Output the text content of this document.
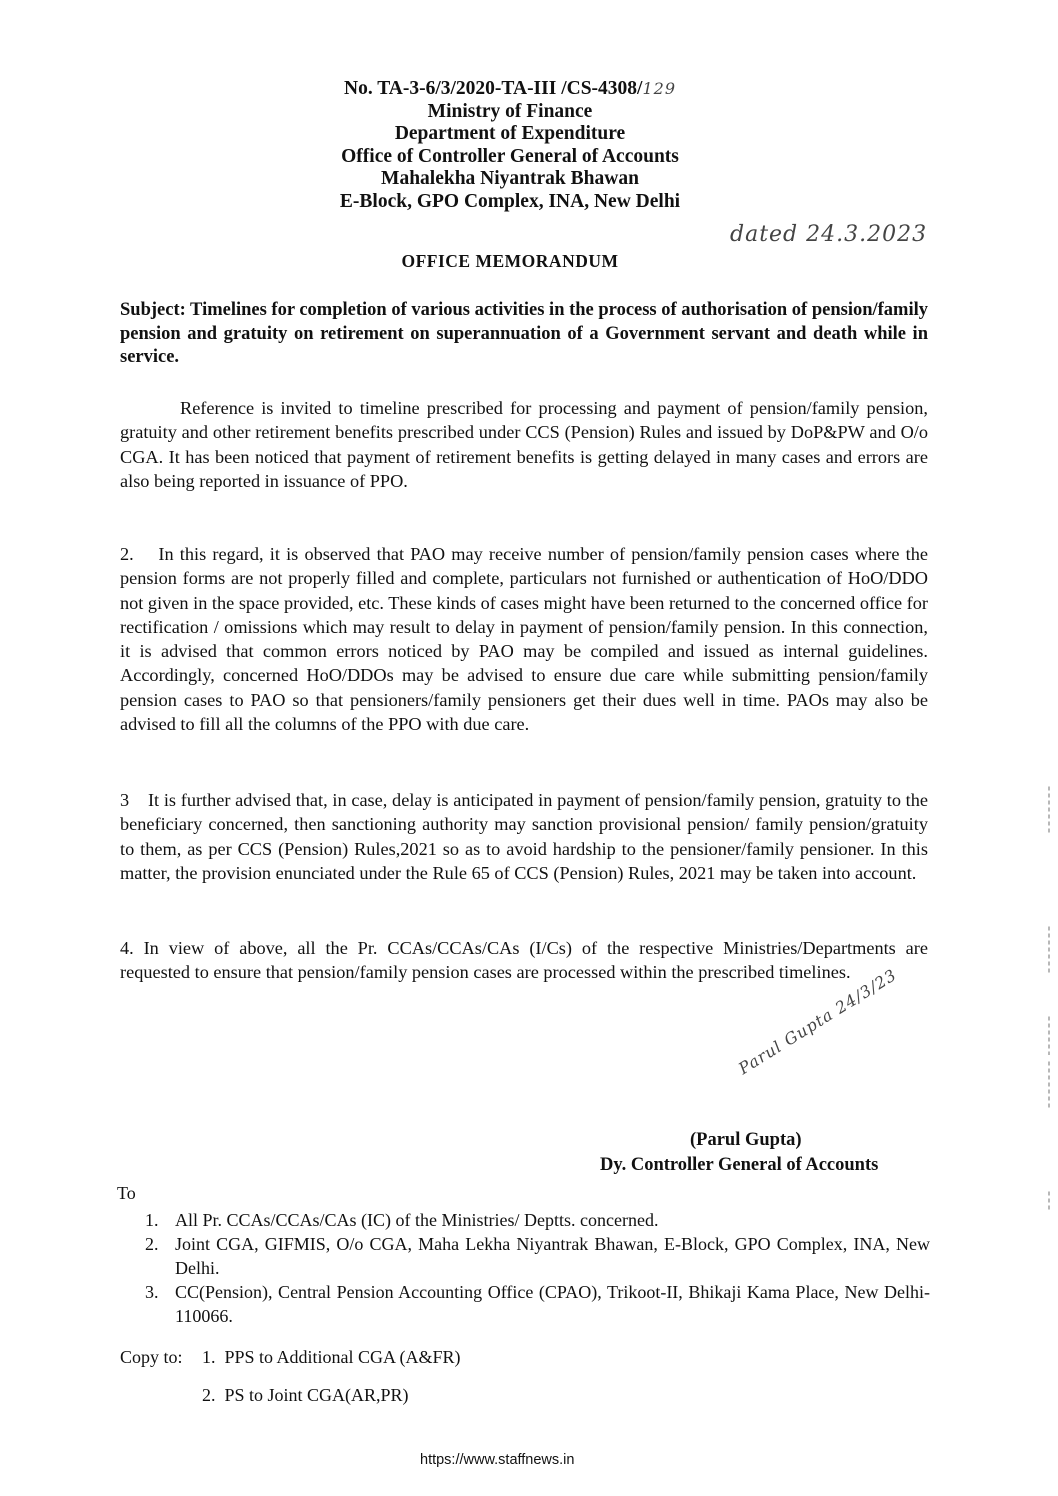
No. TA-3-6/3/2020-TA-III /CS-4308/129
Ministry of Finance
Department of Expenditure
Office of Controller General of Accounts
Mahalekha Niyantrak Bhawan
E-Block, GPO Complex, INA, New Delhi
dated 24.3.2023
OFFICE MEMORANDUM
Subject: Timelines for completion of various activities in the process of authorisation of pension/family pension and gratuity on retirement on superannuation of a Government servant and death while in service.

Reference is invited to timeline prescribed for processing and payment of pension/family pension, gratuity and other retirement benefits prescribed under CCS (Pension) Rules and issued by DoP&PW and O/o CGA. It has been noticed that payment of retirement benefits is getting delayed in many cases and errors are also being reported in issuance of PPO.

2.    In this regard, it is observed that PAO may receive number of pension/family pension cases where the pension forms are not properly filled and complete, particulars not furnished or authentication of HoO/DDO not given in the space provided, etc. These kinds of cases might have been returned to the concerned office for rectification / omissions which may result to delay in payment of pension/family pension. In this connection, it is advised that common errors noticed by PAO may be compiled and issued as internal guidelines. Accordingly, concerned HoO/DDOs may be advised to ensure due care while submitting pension/family pension cases to PAO so that pensioners/family pensioners get their dues well in time. PAOs may also be advised to fill all the columns of the PPO with due care.

3    It is further advised that, in case, delay is anticipated in payment of pension/family pension, gratuity to the beneficiary concerned, then sanctioning authority may sanction provisional pension/ family pension/gratuity to them, as per CCS (Pension) Rules,2021 so as to avoid hardship to the pensioner/family pensioner. In this matter, the provision enunciated under the Rule 65 of CCS (Pension) Rules, 2021 may be taken into account.

4. In view of above, all the Pr. CCAs/CCAs/CAs (I/Cs) of the respective Ministries/Departments are requested to ensure that pension/family pension cases are processed within the prescribed timelines.

Parul Gupta 24/3/23
(Parul Gupta)
Dy. Controller General of Accounts
To
1. All Pr. CCAs/CCAs/CAs (IC) of the Ministries/ Deptts. concerned.
2. Joint CGA, GIFMIS, O/o CGA, Maha Lekha Niyantrak Bhawan, E-Block, GPO Complex, INA, New Delhi.
3. CC(Pension), Central Pension Accounting Office (CPAO), Trikoot-II, Bhikaji Kama Place, New Delhi-110066.
Copy to: 1.  PPS to Additional CGA (A&FR)
2.  PS to Joint CGA(AR,PR)
https://www.staffnews.in
